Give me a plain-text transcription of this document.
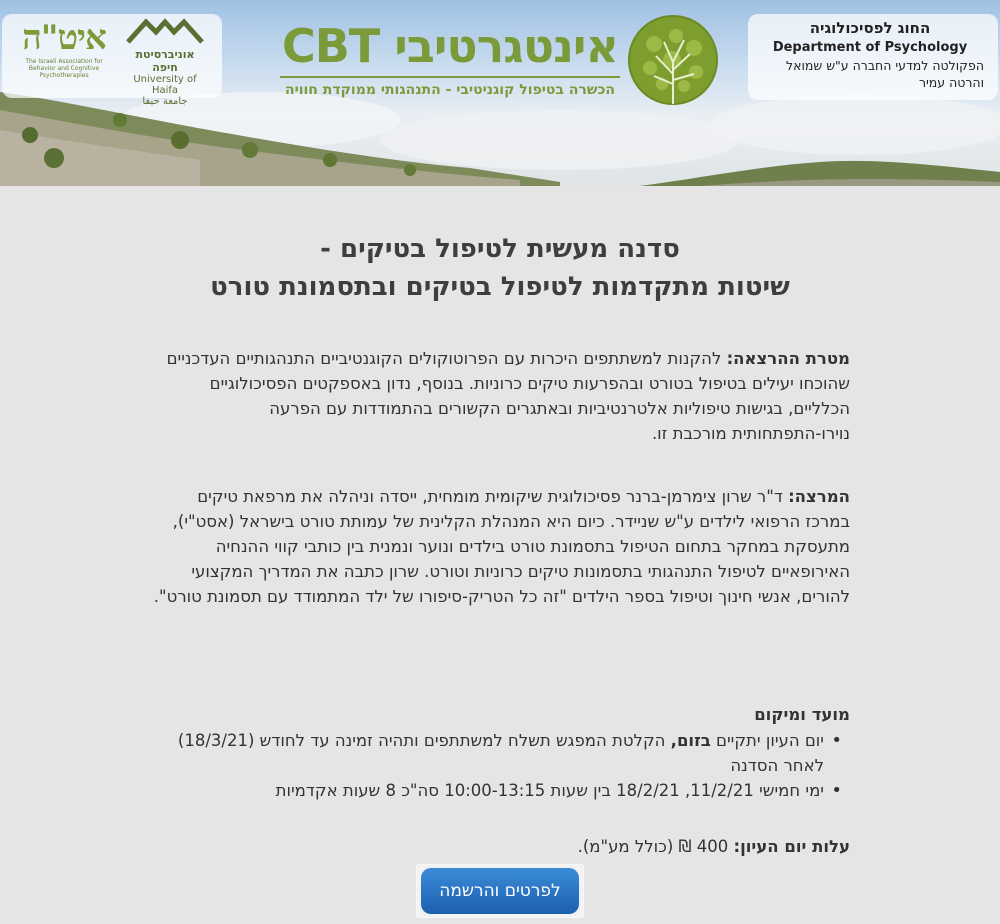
החוג לפסיכולוגיה
Department of Psychology
הפקולטה למדעי החברה ע"ש שמואל והרטה עמיר
CBT אינטגרטיבי
הכשרה בטיפול קוגניטיבי - התנהגותי ממוקדת חוויה
איט"ה
The Israeli Association for Behavior and Cognitive Psychotherapies
אוניברסיטת חיפה
University of Haifa
جامعة حيفا
סדנה מעשית לטיפול בטיקים -
שיטות מתקדמות לטיפול בטיקים ובתסמונת טורט

מטרת ההרצאה: להקנות למשתתפים היכרות עם הפרוטוקולים הקוגנטיביים התנהגותיים העדכניים שהוכחו יעילים בטיפול בטורט ובהפרעות טיקים כרוניות. בנוסף, נדון באספקטים הפסיכולוגיים הכלליים, בגישות טיפוליות אלטרנטיביות ובאתגרים הקשורים בהתמודדות עם הפרעה נוירו-התפתחותית מורכבת זו.

המרצה: ד"ר שרון צימרמן-ברנר פסיכולוגית שיקומית מומחית, ייסדה וניהלה את מרפאת טיקים במרכז הרפואי לילדים ע"ש שניידר. כיום היא המנהלת הקלינית של עמותת טורט בישראל (אסט"י), מתעסקת במחקר בתחום הטיפול בתסמונת טורט בילדים ונוער ונמנית בין כותבי קווי ההנחיה האירופאיים לטיפול התנהגותי בתסמונות טיקים כרוניות וטורט. שרון כתבה את המדריך המקצועי להורים, אנשי חינוך וטיפול בספר הילדים "זה כל הטריק-סיפורו של ילד המתמודד עם תסמונת טורט".

מועד ומיקום
• יום העיון יתקיים בזום, הקלטת המפגש תשלח למשתתפים ותהיה זמינה עד לחודש (18/3/21) לאחר הסדנה
• ימי חמישי 11/2/21, 18/2/21 בין שעות 10:00-13:15 סה"כ 8 שעות אקדמיות

עלות יום העיון: 400 ₪ (כולל מע"מ).

לפרטים והרשמה
